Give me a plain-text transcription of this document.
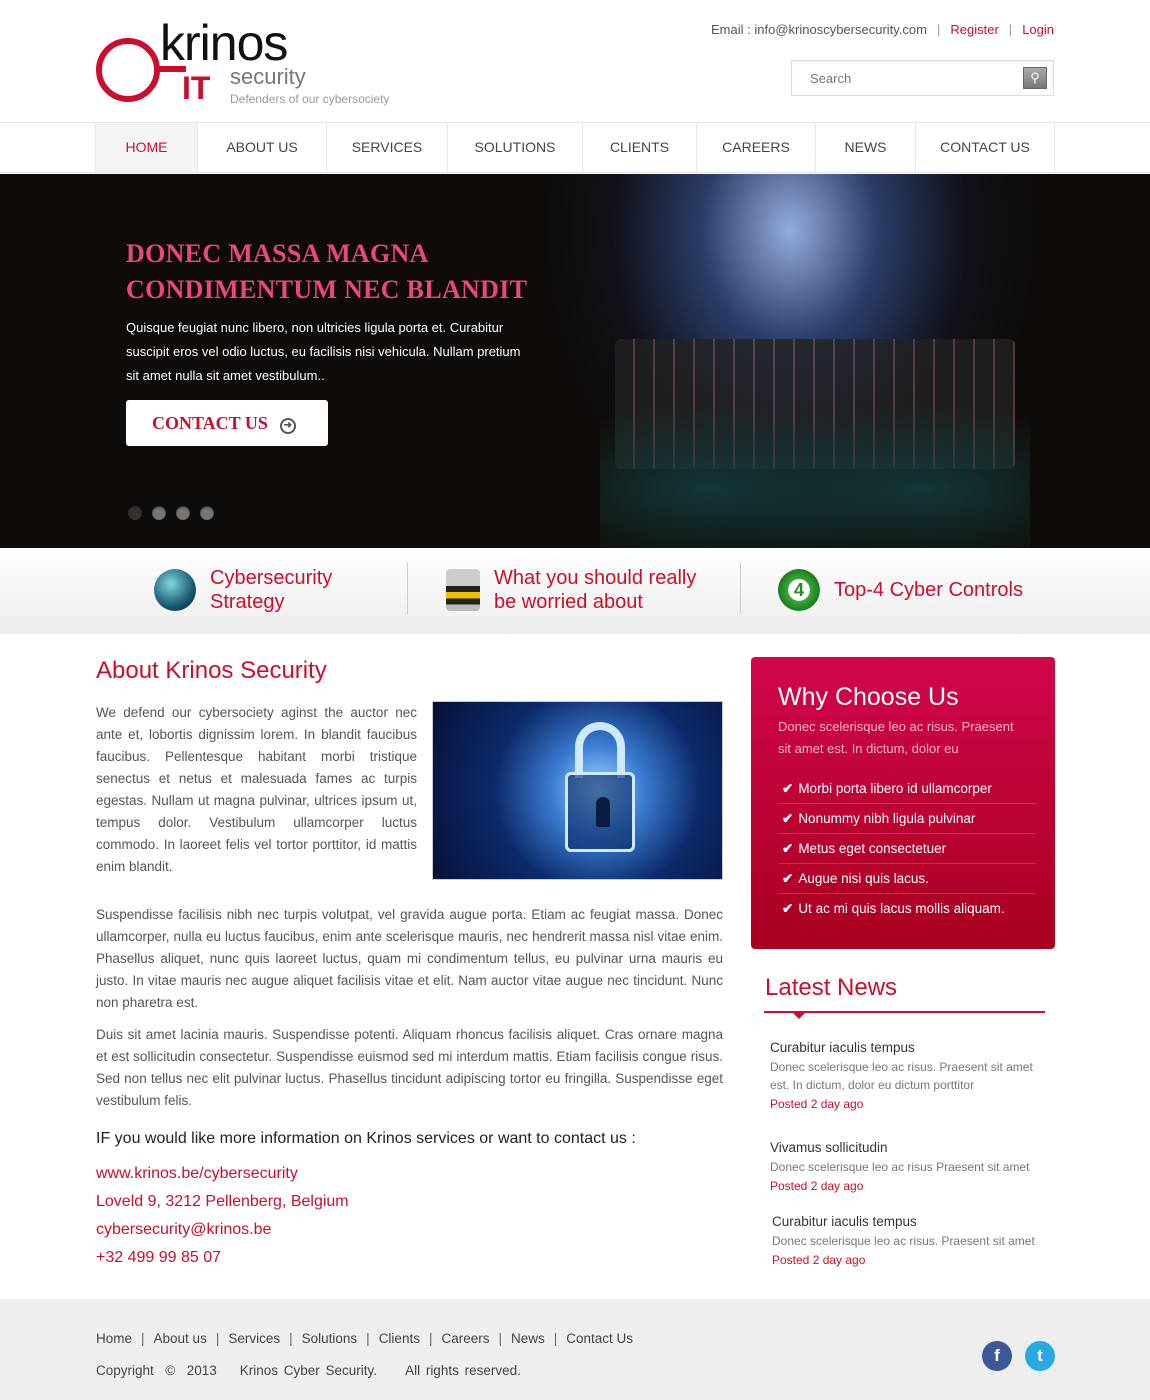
krinos
IT security
Defenders of our cybersociety
Email : info@krinoscybersecurity.com | Register | Login
Search
⚲
HOME	ABOUT US	SERVICES	SOLUTIONS	CLIENTS	CAREERS	NEWS	CONTACT US
DONEC MASSA MAGNA
CONDIMENTUM NEC BLANDIT
Quisque feugiat nunc libero, non ultricies ligula porta et. Curabitur suscipit eros vel odio luctus, eu facilisis nisi vehicula. Nullam pretium sit amet nulla sit amet vestibulum..
CONTACT US ➜
Cybersecurity
Strategy
What you should really
be worried about
4	Top-4 Cyber Controls
About Krinos Security

We defend our cybersociety aginst the auctor nec ante et, lobortis dignissim lorem. In blandit faucibus faucibus. Pellentesque habitant morbi tristique senectus et netus et malesuada fames ac turpis egestas. Nullam ut magna pulvinar, ultrices ipsum ut, tempus dolor. Vestibulum ullamcorper luctus commodo. In laoreet felis vel tortor porttitor, id mattis enim blandit.

Suspendisse facilisis nibh nec turpis volutpat, vel gravida augue porta. Etiam ac feugiat massa. Donec ullamcorper, nulla eu luctus faucibus, enim ante scelerisque mauris, nec hendrerit massa nisl vitae enim. Phasellus aliquet, nunc quis laoreet luctus, quam mi condimentum tellus, eu pulvinar urna mauris eu justo. In vitae mauris nec augue aliquet facilisis vitae et elit. Nam auctor vitae augue nec tincidunt. Nunc non pharetra est.

Duis sit amet lacinia mauris. Suspendisse potenti. Aliquam rhoncus facilisis aliquet. Cras ornare magna et est sollicitudin consectetur. Suspendisse euismod sed mi interdum mattis. Etiam facilisis congue risus. Sed non tellus nec elit pulvinar luctus. Phasellus tincidunt adipiscing tortor eu fringilla. Suspendisse eget vestibulum felis.

IF you would like more information on Krinos services or want to contact us :
www.krinos.be/cybersecurity
Loveld 9, 3212 Pellenberg, Belgium
cybersecurity@krinos.be
+32 499 99 85 07
Why Choose Us

Donec scelerisque leo ac risus. Praesent sit amet est. In dictum, dolor eu

✔ Morbi porta libero id ullamcorper
✔ Nonummy nibh ligula pulvinar
✔ Metus eget consectetuer
✔ Augue nisi quis lacus.
✔ Ut ac mi quis lacus mollis aliquam.
Latest News
Curabitur iaculis tempus
Donec scelerisque leo ac risus. Praesent sit amet est. In dictum, dolor eu dictum porttitor
Posted 2 day ago
Vivamus sollicitudin
Donec scelerisque leo ac risus Praesent sit amet
Posted 2 day ago
Curabitur iaculis tempus
Donec scelerisque leo ac risus. Praesent sit amet
Posted 2 day ago
Home | About us | Services | Solutions | Clients | Careers | News | Contact Us
Copyright  ©  2013    Krinos Cyber Security.     All rights reserved.
f	t
